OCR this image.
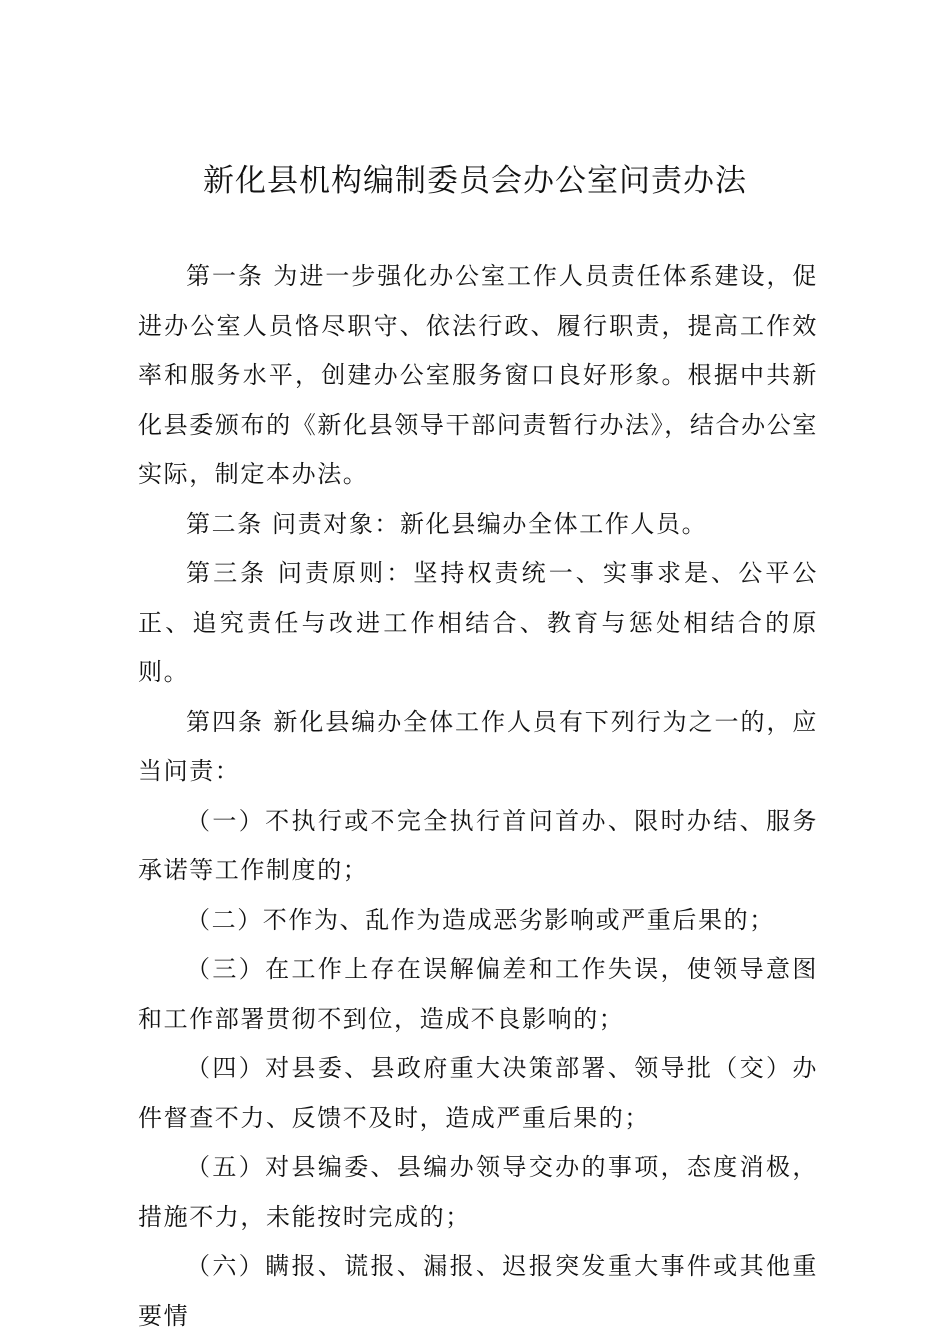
新化县机构编制委员会办公室问责办法

第一条 为进一步强化办公室工作人员责任体系建设，促进办公室人员恪尽职守、依法行政、履行职责，提高工作效率和服务水平，创建办公室服务窗口良好形象。根据中共新化县委颁布的《新化县领导干部问责暂行办法》，结合办公室实际，制定本办法。

第二条 问责对象：新化县编办全体工作人员。

第三条 问责原则：坚持权责统一、实事求是、公平公正、追究责任与改进工作相结合、教育与惩处相结合的原则。

第四条 新化县编办全体工作人员有下列行为之一的，应当问责：

（一）不执行或不完全执行首问首办、限时办结、服务承诺等工作制度的；

（二）不作为、乱作为造成恶劣影响或严重后果的；

（三）在工作上存在误解偏差和工作失误，使领导意图和工作部署贯彻不到位，造成不良影响的；

（四）对县委、县政府重大决策部署、领导批（交）办件督查不力、反馈不及时，造成严重后果的；

（五）对县编委、县编办领导交办的事项，态度消极，措施不力，未能按时完成的；

（六）瞒报、谎报、漏报、迟报突发重大事件或其他重要情
